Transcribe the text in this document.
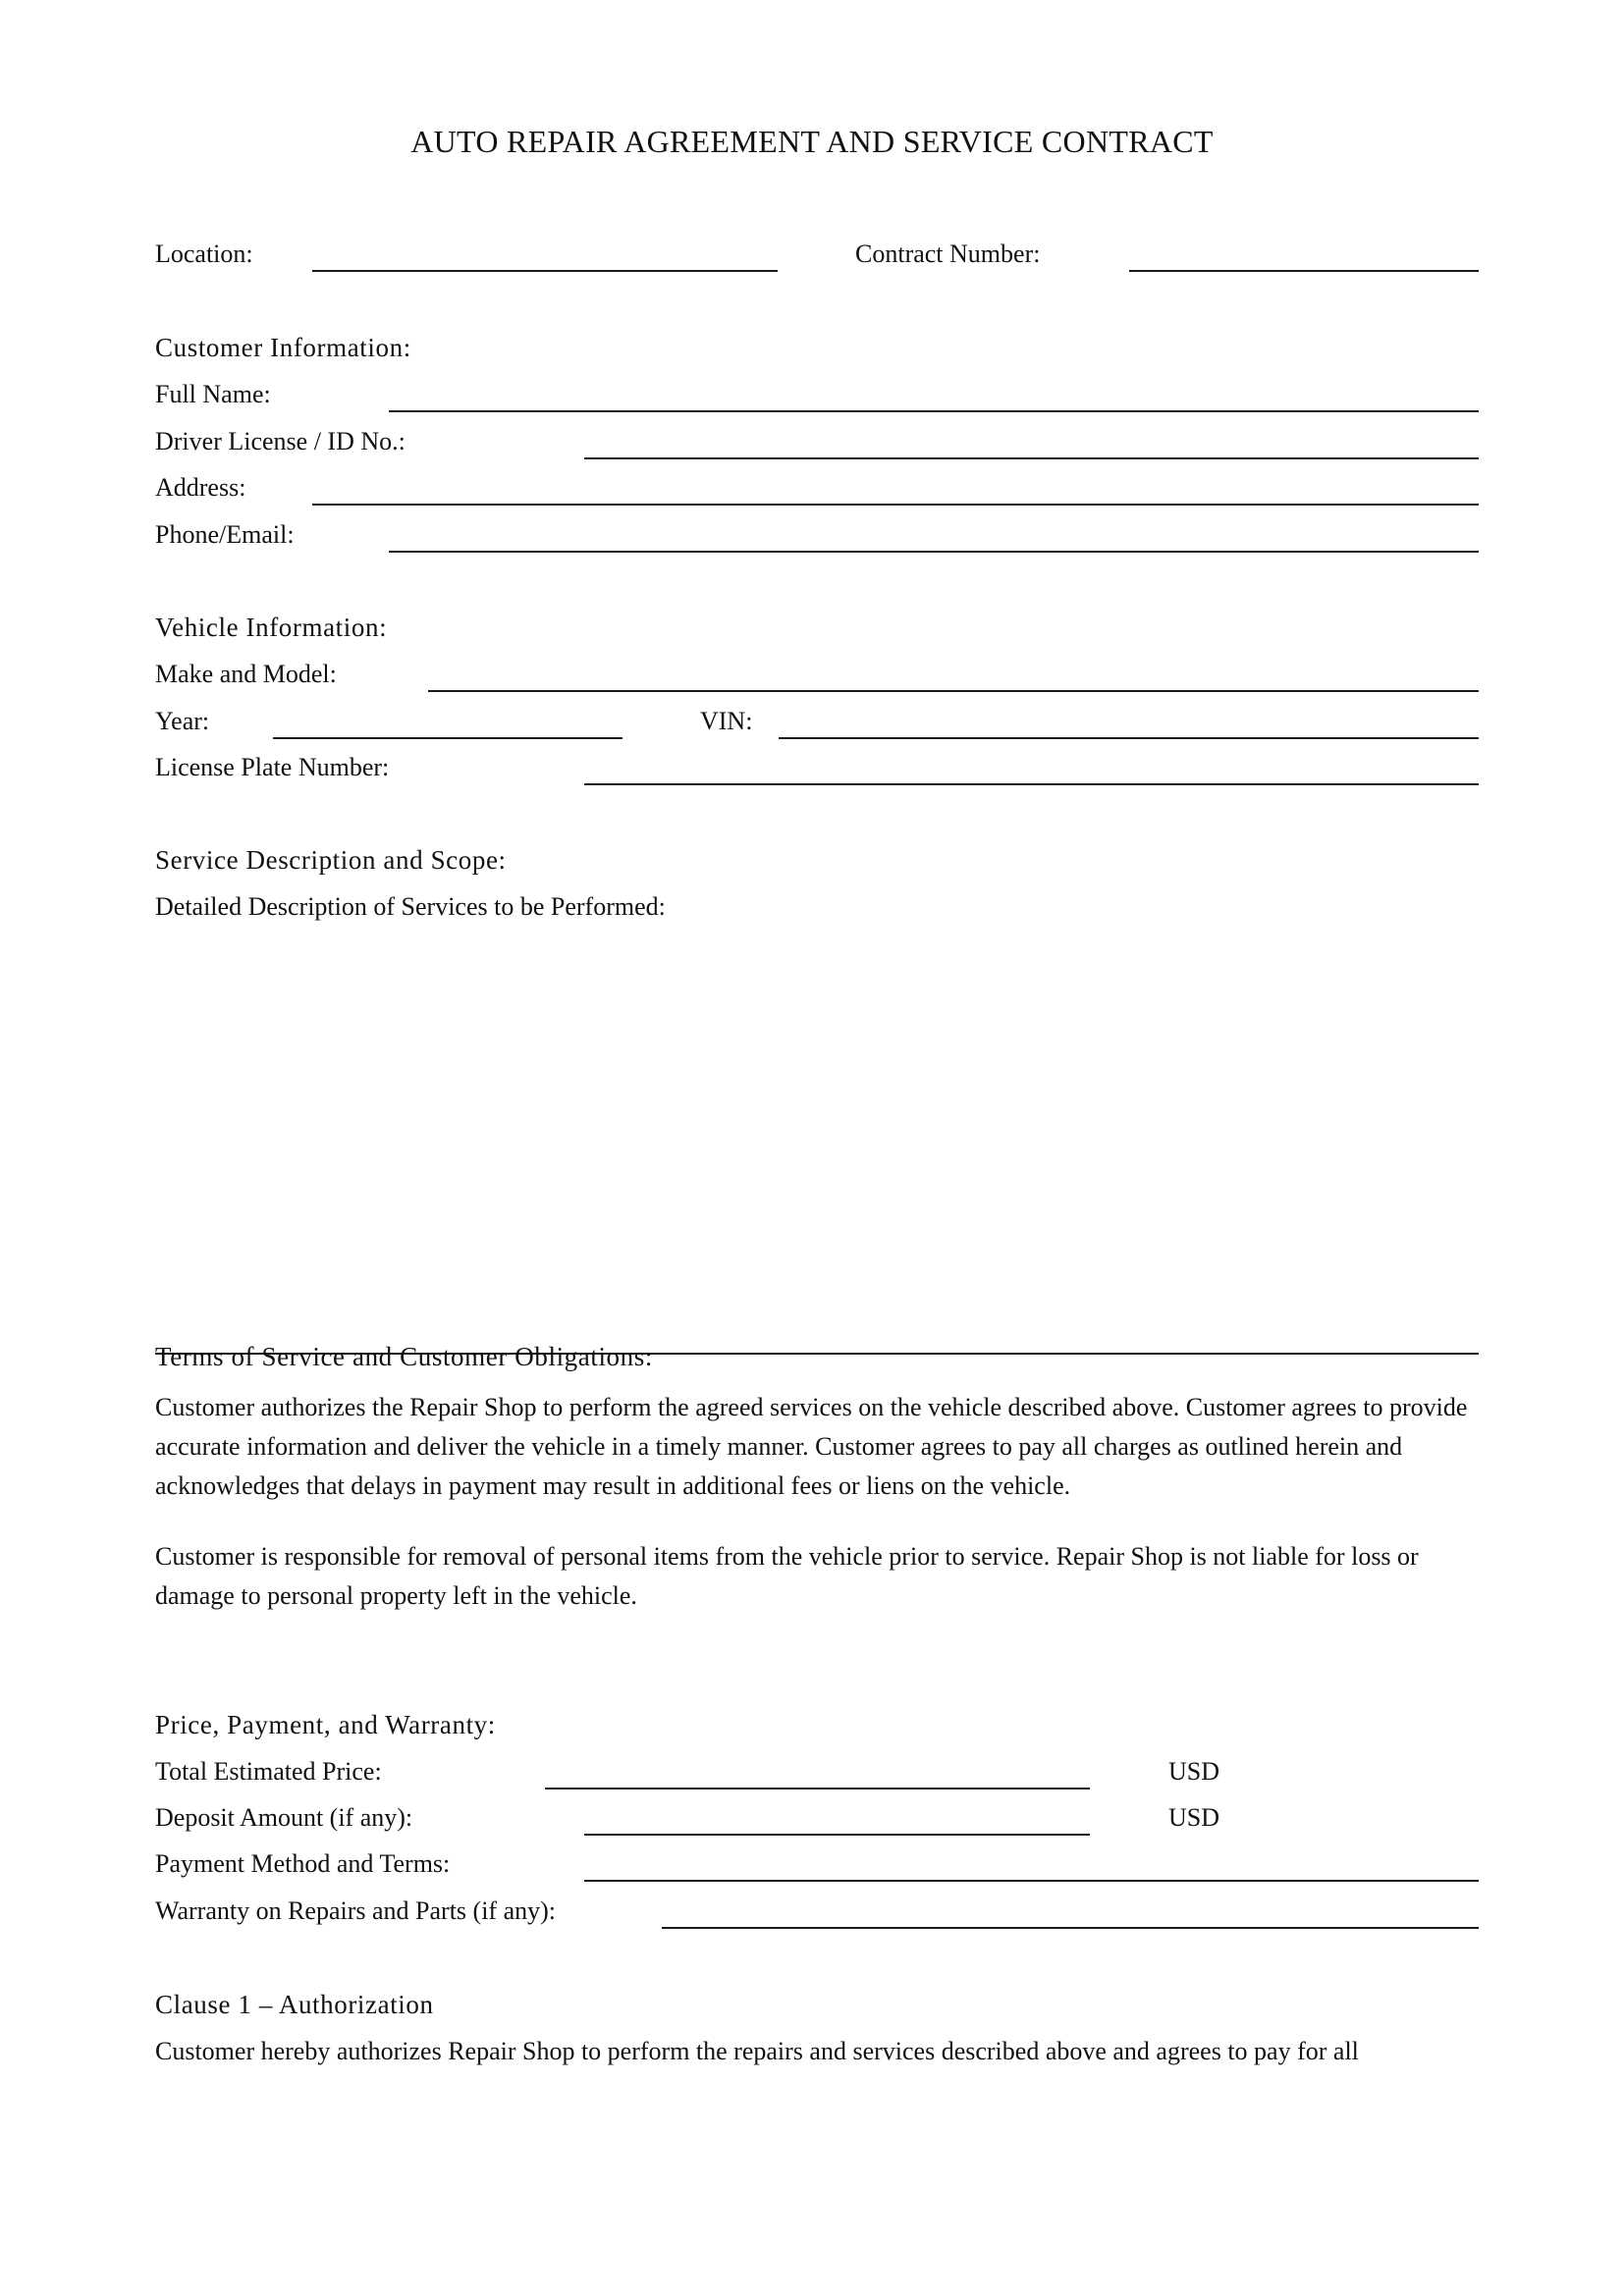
AUTO REPAIR AGREEMENT AND SERVICE CONTRACT
Location:	Contract Number:
Customer Information:
Full Name:
Driver License / ID No.:
Address:
Phone/Email:
Vehicle Information:
Make and Model:
Year:	VIN:
License Plate Number:
Service Description and Scope:
Detailed Description of Services to be Performed:
Terms of Service and Customer Obligations:
Customer authorizes the Repair Shop to perform the agreed services on the vehicle described above. Customer agrees to provide accurate information and deliver the vehicle in a timely manner. Customer agrees to pay all charges as outlined herein and acknowledges that delays in payment may result in additional fees or liens on the vehicle.
Customer is responsible for removal of personal items from the vehicle prior to service. Repair Shop is not liable for loss or damage to personal property left in the vehicle.
Price, Payment, and Warranty:
Total Estimated Price:	USD
Deposit Amount (if any):	USD
Payment Method and Terms:
Warranty on Repairs and Parts (if any):
Clause 1 – Authorization
Customer hereby authorizes Repair Shop to perform the repairs and services described above and agrees to pay for all
